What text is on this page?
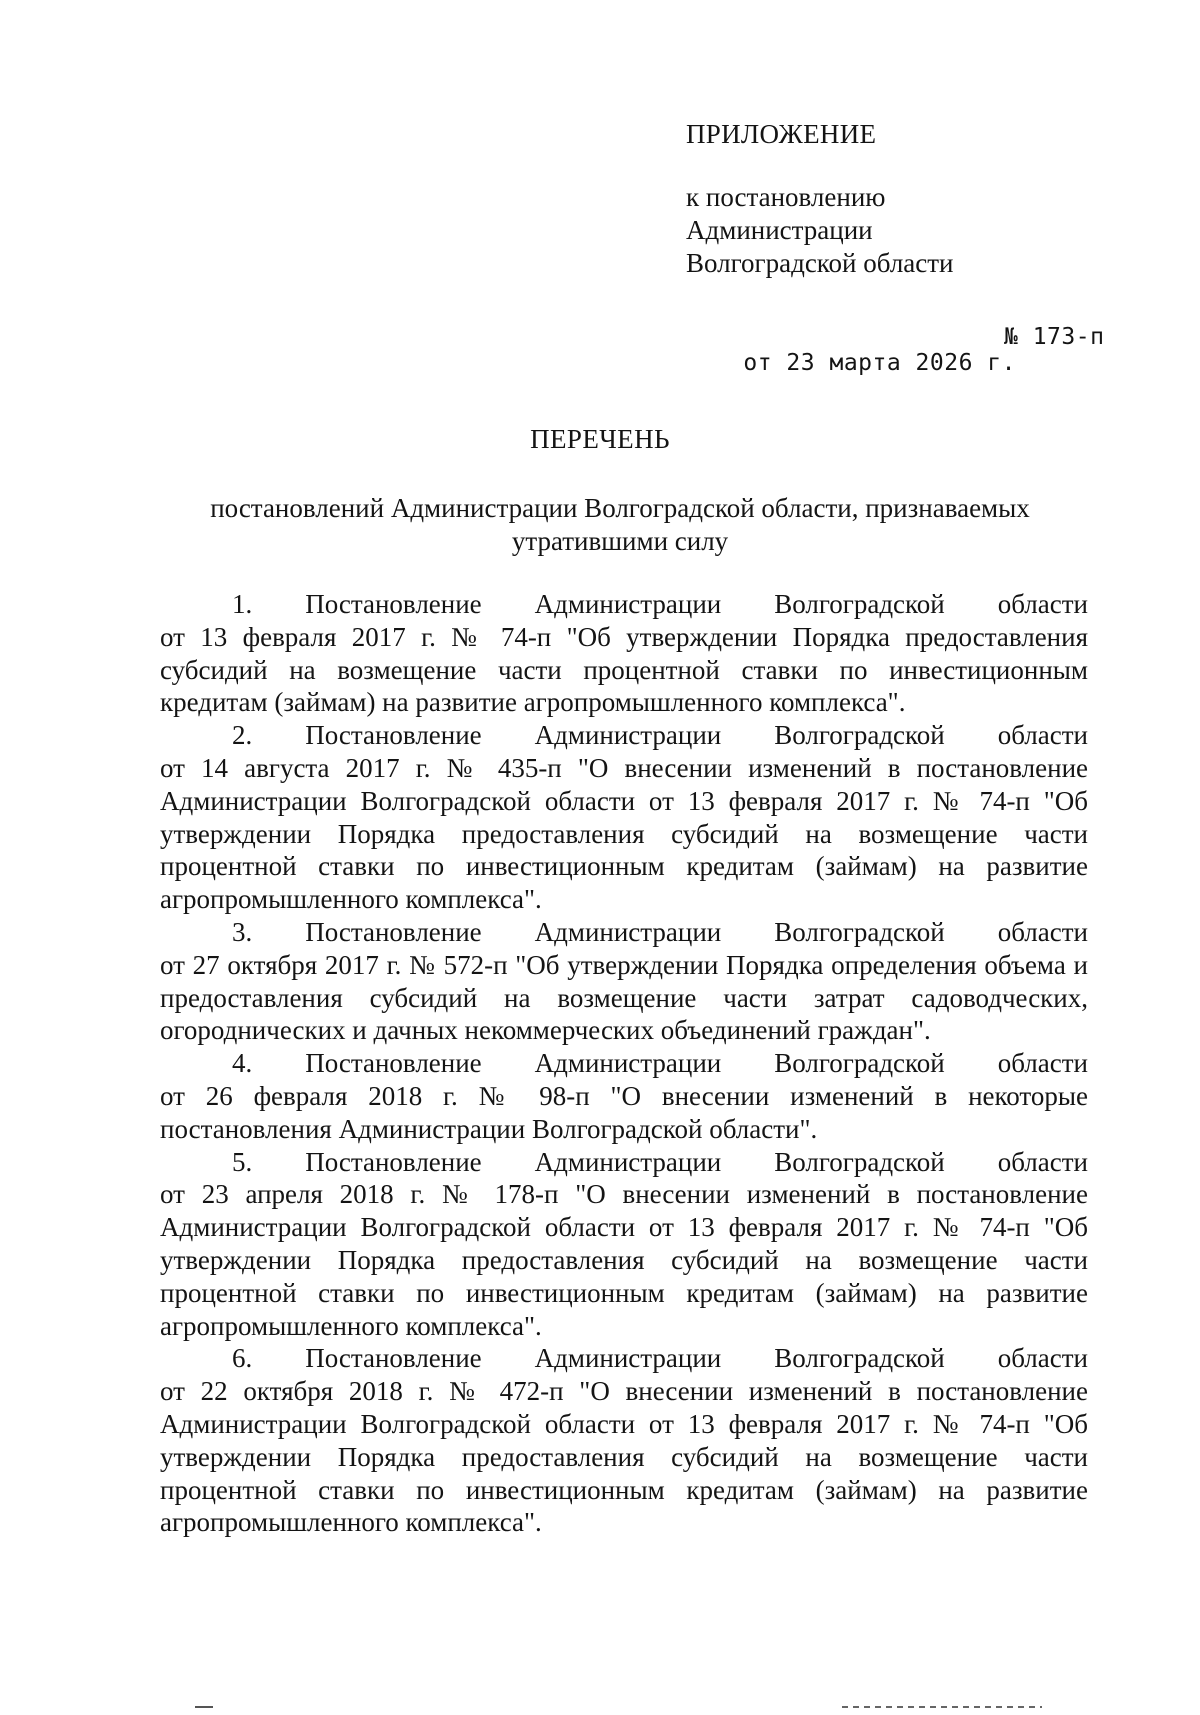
ПРИЛОЖЕНИЕ

к постановлению

Администрации

Волгоградской области

от 23 марта 2026 г.

№ 173-п

ПЕРЕЧЕНЬ
постановлений Администрации Волгоградской области, признаваемых утратившими силу
1. Постановление Администрации Волгоградской области
от 13 февраля 2017 г. № 74-п "Об утверждении Порядка предоставления субсидий на возмещение части процентной ставки по инвестиционным кредитам (займам) на развитие агропромышленного комплекса".
2. Постановление Администрации Волгоградской области
от 14 августа 2017 г. № 435-п "О внесении изменений в постановление Администрации Волгоградской области от 13 февраля 2017 г. № 74-п "Об утверждении Порядка предоставления субсидий на возмещение части процентной ставки по инвестиционным кредитам (займам) на развитие агропромышленного комплекса".
3. Постановление Администрации Волгоградской области
от 27 октября 2017 г. № 572-п "Об утверждении Порядка определения объема и предоставления субсидий на возмещение части затрат садоводческих, огороднических и дачных некоммерческих объединений граждан".
4. Постановление Администрации Волгоградской области
от 26 февраля 2018 г. № 98-п "О внесении изменений в некоторые постановления Администрации Волгоградской области".
5. Постановление Администрации Волгоградской области
от 23 апреля 2018 г. № 178-п "О внесении изменений в постановление Администрации Волгоградской области от 13 февраля 2017 г. № 74-п "Об утверждении Порядка предоставления субсидий на возмещение части процентной ставки по инвестиционным кредитам (займам) на развитие агропромышленного комплекса".
6. Постановление Администрации Волгоградской области
от 22 октября 2018 г. № 472-п "О внесении изменений в постановление Администрации Волгоградской области от 13 февраля 2017 г. № 74-п "Об утверждении Порядка предоставления субсидий на возмещение части процентной ставки по инвестиционным кредитам (займам) на развитие агропромышленного комплекса".
